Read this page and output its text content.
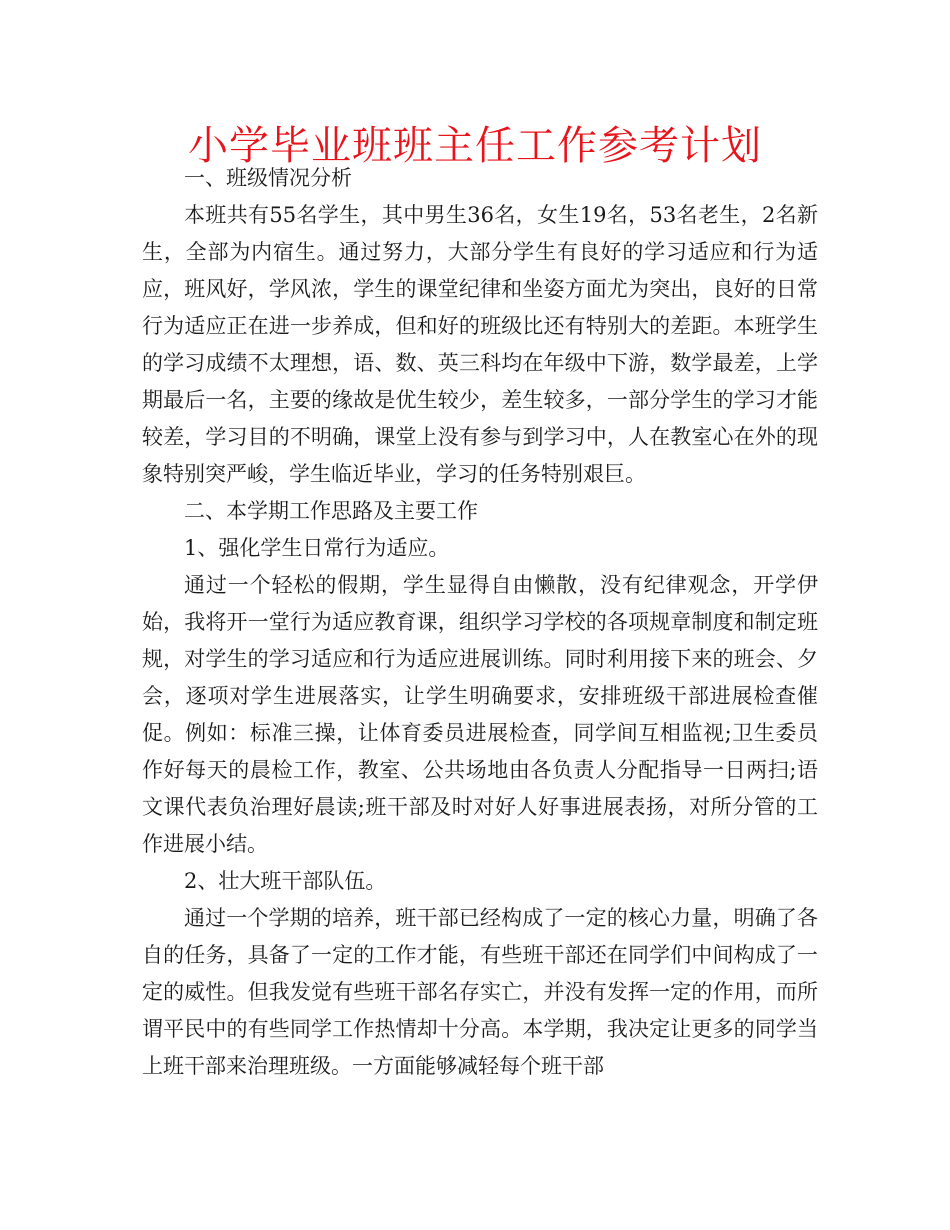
小学毕业班班主任工作参考计划

一、班级情况分析

本班共有55名学生，其中男生36名，女生19名，53名老生，2名新生，全部为内宿生。通过努力，大部分学生有良好的学习适应和行为适应，班风好，学风浓，学生的课堂纪律和坐姿方面尤为突出，良好的日常行为适应正在进一步养成，但和好的班级比还有特别大的差距。本班学生的学习成绩不太理想，语、数、英三科均在年级中下游，数学最差，上学期最后一名，主要的缘故是优生较少，差生较多，一部分学生的学习才能较差，学习目的不明确，课堂上没有参与到学习中，人在教室心在外的现象特别突严峻，学生临近毕业，学习的任务特别艰巨。

二、本学期工作思路及主要工作

1、强化学生日常行为适应。

通过一个轻松的假期，学生显得自由懒散，没有纪律观念，开学伊始，我将开一堂行为适应教育课，组织学习学校的各项规章制度和制定班规，对学生的学习适应和行为适应进展训练。同时利用接下来的班会、夕会，逐项对学生进展落实，让学生明确要求，安排班级干部进展检查催促。例如：标准三操，让体育委员进展检查，同学间互相监视;卫生委员作好每天的晨检工作，教室、公共场地由各负责人分配指导一日两扫;语文课代表负治理好晨读;班干部及时对好人好事进展表扬，对所分管的工作进展小结。

2、壮大班干部队伍。

通过一个学期的培养，班干部已经构成了一定的核心力量，明确了各自的任务，具备了一定的工作才能，有些班干部还在同学们中间构成了一定的威性。但我发觉有些班干部名存实亡，并没有发挥一定的作用，而所谓平民中的有些同学工作热情却十分高。本学期，我决定让更多的同学当上班干部来治理班级。一方面能够减轻每个班干部
